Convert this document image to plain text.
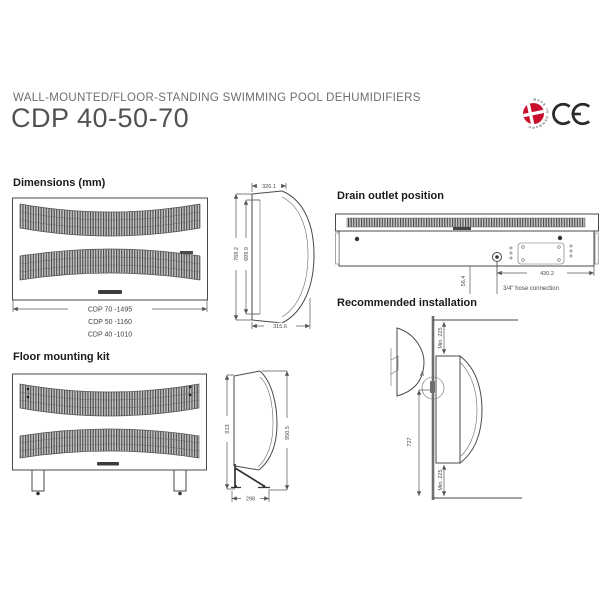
WALL-MOUNTED/FLOOR-STANDING SWIMMING POOL DEHUMIDIFIERS
CDP 40-50-70
MADE IN DENMARK
Dimensions (mm)
CDP 70 -1495
CDP 50 -1160
CDP 40 -1010
326.1
315.6
769.2 699.9
Drain outlet position
430.2
56,4
3/4" hose connection
Recommended installation
Min. 225
Min. 225
727
A
Floor mounting kit
913	950.5
298
